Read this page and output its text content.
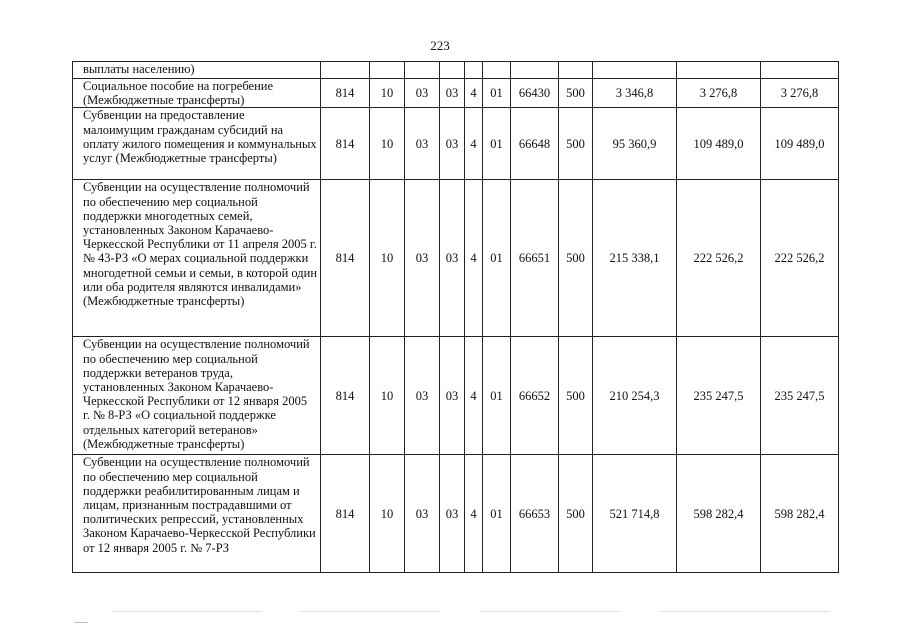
223
выплаты населению)											
Социальное пособие на погребение (Межбюджетные трансферты)	814	10	03	03	4	01	66430	500	3 346,8	3 276,8	3 276,8
Субвенции на предоставление малоимущим гражданам субсидий на оплату жилого помещения и коммунальных услуг (Межбюджетные трансферты)	814	10	03	03	4	01	66648	500	95 360,9	109 489,0	109 489,0
Субвенции на осуществление полномочий по обеспечению мер социальной поддержки многодетных семей, установленных Законом Карачаево-Черкесской Республики от 11 апреля 2005 г. № 43-РЗ «О мерах социальной поддержки многодетной семьи и семьи, в которой один или оба родителя являются инвалидами» (Межбюджетные трансферты)	814	10	03	03	4	01	66651	500	215 338,1	222 526,2	222 526,2
Субвенции на осуществление полномочий по обеспечению мер социальной поддержки ветеранов труда, установленных Законом Карачаево-Черкесской Республики от 12 января 2005 г. № 8-РЗ «О социальной поддержке отдельных категорий ветеранов» (Межбюджетные трансферты)	814	10	03	03	4	01	66652	500	210 254,3	235 247,5	235 247,5
Субвенции на осуществление полномочий по обеспечению мер социальной поддержки реабилитированным лицам и лицам, признанным пострадавшими от политических репрессий, установленных Законом Карачаево-Черкесской Республики от 12 января 2005 г. № 7-РЗ	814	10	03	03	4	01	66653	500	521 714,8	598 282,4	598 282,4
